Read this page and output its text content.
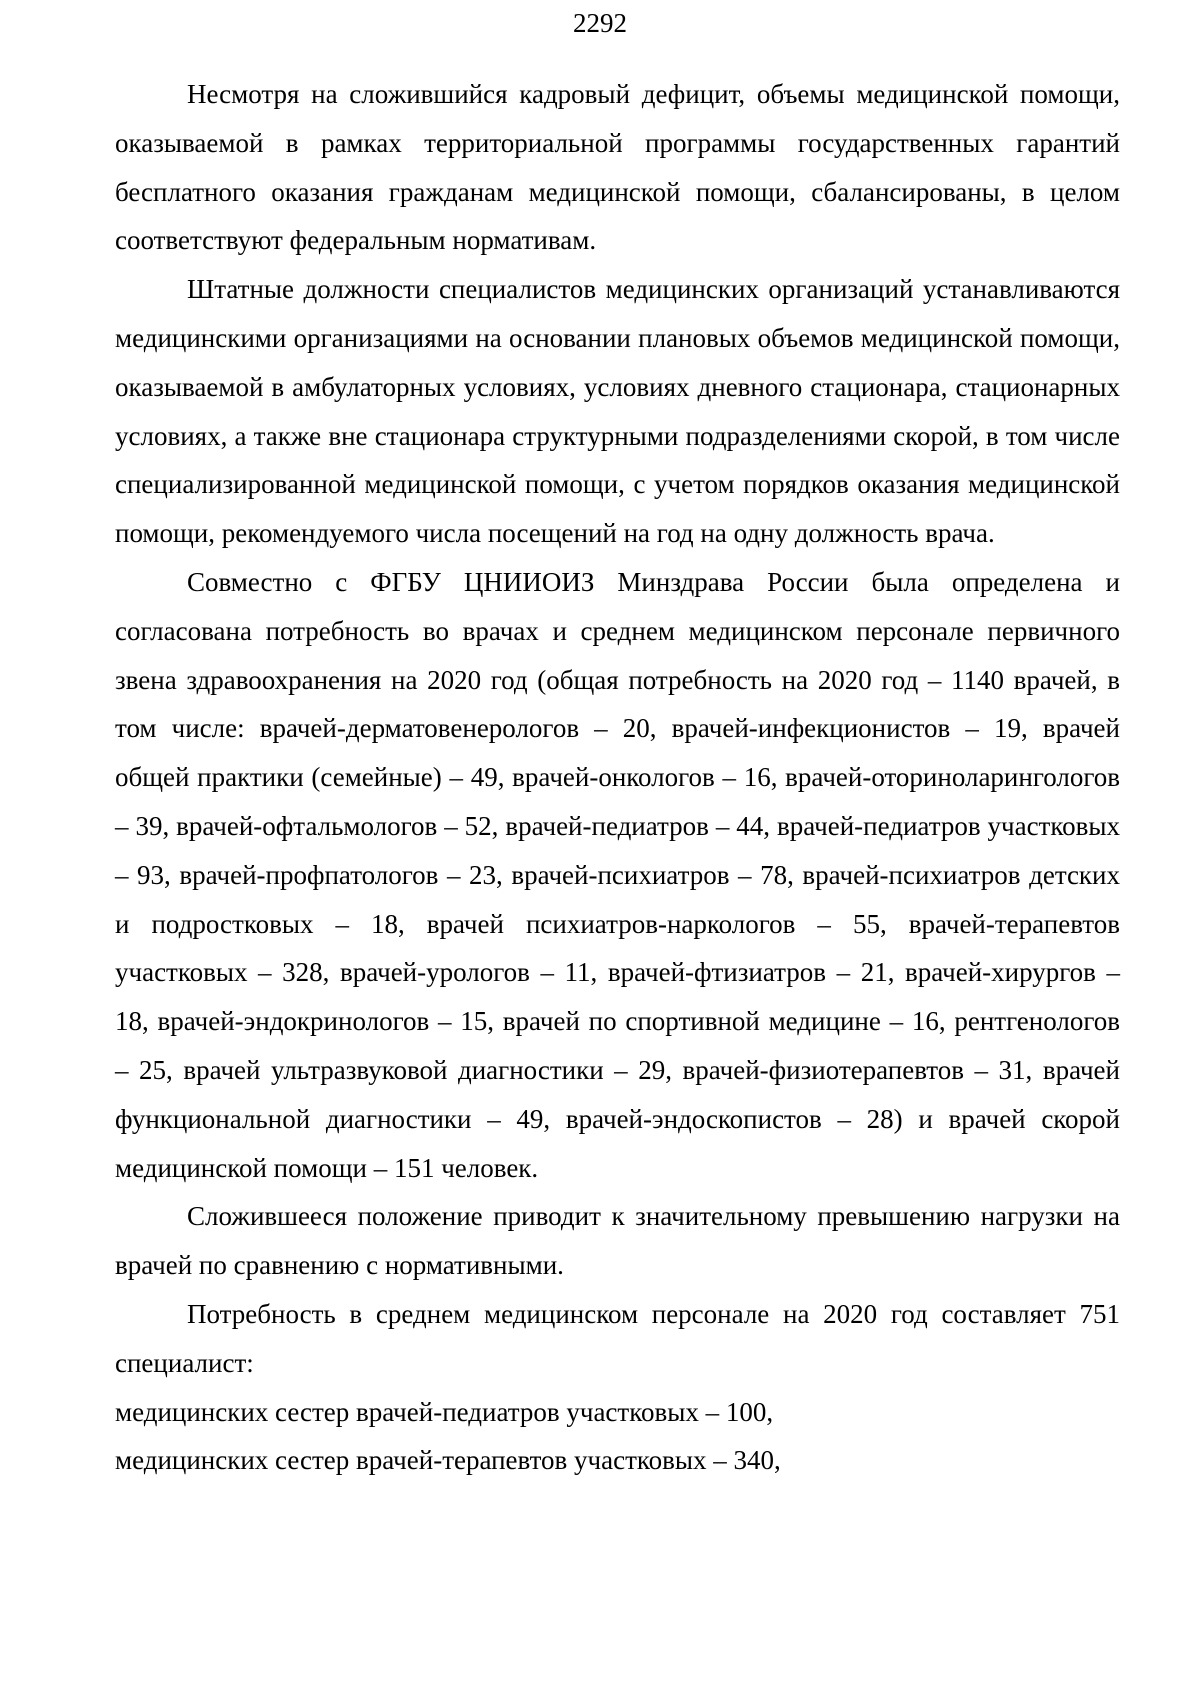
2292

Несмотря на сложившийся кадровый дефицит, объемы медицинской помощи, оказываемой в рамках территориальной программы государственных гарантий бесплатного оказания гражданам медицинской помощи, сбалансированы, в целом соответствуют федеральным нормативам.

Штатные должности специалистов медицинских организаций устанавливаются медицинскими организациями на основании плановых объемов медицинской помощи, оказываемой в амбулаторных условиях, условиях дневного стационара, стационарных условиях, а также вне стационара структурными подразделениями скорой, в том числе специализированной медицинской помощи, с учетом порядков оказания медицинской помощи, рекомендуемого числа посещений на год на одну должность врача.

Совместно с ФГБУ ЦНИИОИЗ Минздрава России была определена и согласована потребность во врачах и среднем медицинском персонале первичного звена здравоохранения на 2020 год (общая потребность на 2020 год – 1140 врачей, в том числе: врачей-дерматовенерологов – 20, врачей-инфекционистов – 19, врачей общей практики (семейные) – 49, врачей-онкологов – 16, врачей-оториноларингологов – 39, врачей-офтальмологов – 52, врачей-педиатров – 44, врачей-педиатров участковых – 93, врачей-профпатологов – 23, врачей-психиатров – 78, врачей-психиатров детских и подростковых – 18, врачей психиатров-наркологов – 55, врачей-терапевтов участковых – 328, врачей-урологов – 11, врачей-фтизиатров – 21, врачей-хирургов – 18, врачей-эндокринологов – 15, врачей по спортивной медицине – 16, рентгенологов – 25, врачей ультразвуковой диагностики – 29, врачей-физиотерапевтов – 31, врачей функциональной диагностики – 49, врачей-эндоскопистов – 28) и врачей скорой медицинской помощи – 151 человек.

Сложившееся положение приводит к значительному превышению нагрузки на врачей по сравнению с нормативными.

Потребность в среднем медицинском персонале на 2020 год составляет 751 специалист:

медицинских сестер врачей-педиатров участковых – 100,

медицинских сестер врачей-терапевтов участковых – 340,
